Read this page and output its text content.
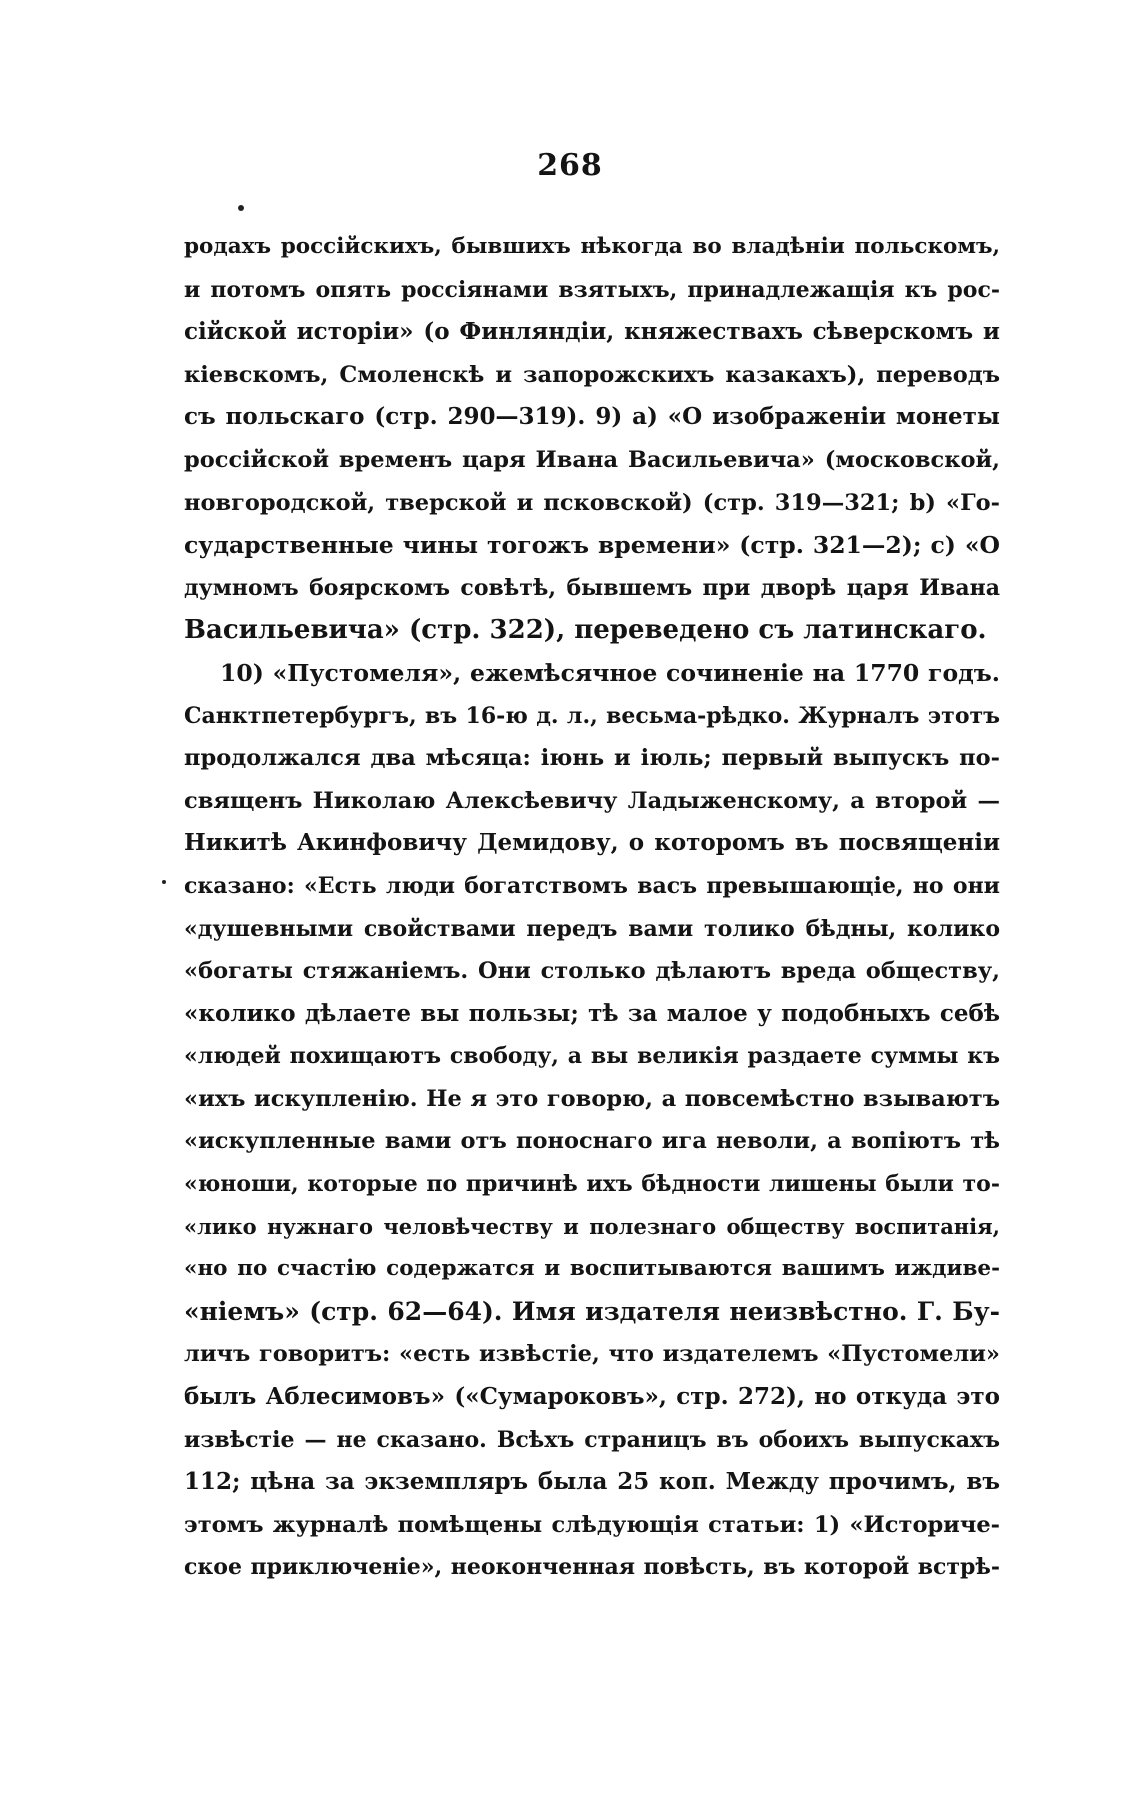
268
родахъ россійскихъ, бывшихъ нѣкогда во владѣніи польскомъ,
и потомъ опять россіянами взятыхъ, принадлежащія къ рос-
сійской исторіи» (о Финляндіи, княжествахъ сѣверскомъ и
кіевскомъ, Смоленскѣ и запорожскихъ казакахъ), переводъ
съ польскаго (стр. 290—319). 9) a) «О изображеніи монеты
россійской временъ царя Ивана Васильевича» (московской,
новгородской, тверской и псковской) (стр. 319—321; b) «Го-
сударственные чины тогожъ времени» (стр. 321—2); c) «О
думномъ боярскомъ совѣтѣ, бывшемъ при дворѣ царя Ивана
Васильевича» (стр. 322), переведено съ латинскаго.
10) «Пустомеля», ежемѣсячное сочиненіе на 1770 годъ.
Санктпетербургъ, въ 16-ю д. л., весьма-рѣдко. Журналъ этотъ
продолжался два мѣсяца: іюнь и іюль; первый выпускъ по-
священъ Николаю Алексѣевичу Ладыженскому, а второй —
Никитѣ Акинфовичу Демидову, о которомъ въ посвященіи
сказано: «Есть люди богатствомъ васъ превышающіе, но они
«душевными свойствами передъ вами толико бѣдны, колико
«богаты стяжаніемъ. Они столько дѣлаютъ вреда обществу,
«колико дѣлаете вы пользы; тѣ за малое у подобныхъ себѣ
«людей похищаютъ свободу, а вы великія раздаете суммы къ
«ихъ искупленію. Не я это говорю, а повсемѣстно взываютъ
«искупленные вами отъ поноснаго ига неволи, а вопіютъ тѣ
«юноши, которые по причинѣ ихъ бѣдности лишены были то-
«лико нужнаго человѣчеству и полезнаго обществу воспитанія,
«но по счастію содержатся и воспитываются вашимъ иждиве-
«ніемъ» (стр. 62—64). Имя издателя неизвѣстно. Г. Бу-
личъ говоритъ: «есть извѣстіе, что издателемъ «Пустомели»
былъ Аблесимовъ» («Сумароковъ», стр. 272), но откуда это
извѣстіе — не сказано. Всѣхъ страницъ въ обоихъ выпускахъ
112; цѣна за экземпляръ была 25 коп. Между прочимъ, въ
этомъ журналѣ помѣщены слѣдующія статьи: 1) «Историче-
ское приключеніе», неоконченная повѣсть, въ которой встрѣ-
